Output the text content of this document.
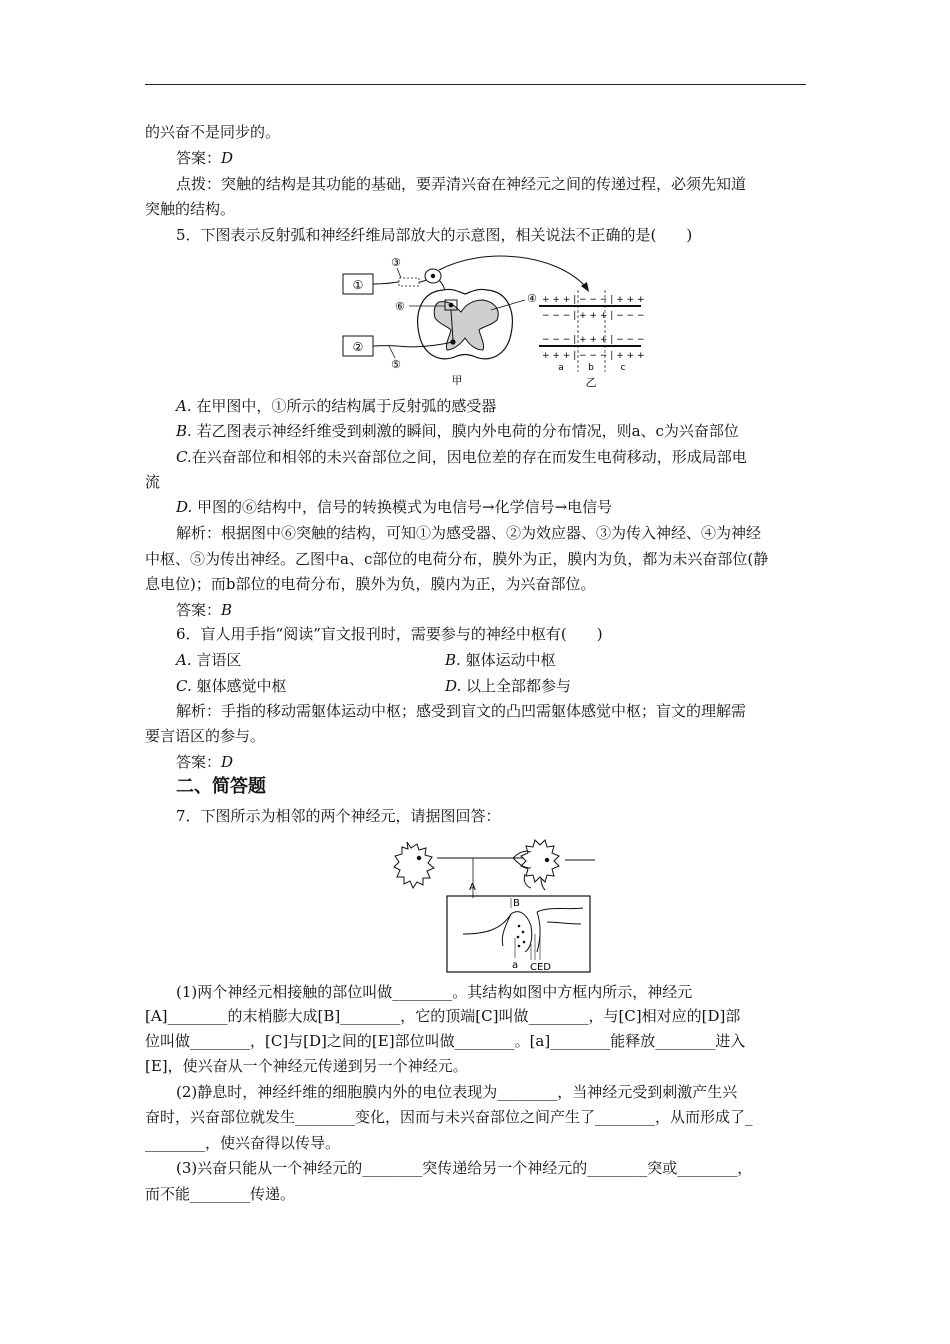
的兴奋不是同步的。
答案：D
点拨：突触的结构是其功能的基础，要弄清兴奋在神经元之间的传递过程，必须先知道
突触的结构。
5．下图表示反射弧和神经纤维局部放大的示意图，相关说法不正确的是(　　)
①
②
③
⑤
⑥
④
甲
+ + + | − − − | + + +
− − − | + + + | − − −
− − − | + + + | − − −
+ + + | − − − | + + +
a	b	c
乙
A. 在甲图中，①所示的结构属于反射弧的感受器
B. 若乙图表示神经纤维受到刺激的瞬间，膜内外电荷的分布情况，则a、c为兴奋部位
C.在兴奋部位和相邻的未兴奋部位之间，因电位差的存在而发生电荷移动，形成局部电
流
D. 甲图的⑥结构中，信号的转换模式为电信号→化学信号→电信号
解析：根据图中⑥突触的结构，可知①为感受器、②为效应器、③为传入神经、④为神经
中枢、⑤为传出神经。乙图中a、c部位的电荷分布，膜外为正，膜内为负，都为未兴奋部位(静
息电位)；而b部位的电荷分布，膜外为负，膜内为正，为兴奋部位。
答案：B
6．盲人用手指“阅读”盲文报刊时，需要参与的神经中枢有(　　)
A. 言语区	B. 躯体运动中枢
C. 躯体感觉中枢	D. 以上全部都参与
解析：手指的移动需躯体运动中枢；感受到盲文的凸凹需躯体感觉中枢；盲文的理解需
要言语区的参与。
答案：D
二、简答题
7．下图所示为相邻的两个神经元，请据图回答：
A
B
CED
a
(1)两个神经元相接触的部位叫做________。其结构如图中方框内所示，神经元
[A]________的末梢膨大成[B]________，它的顶端[C]叫做________，与[C]相对应的[D]部
位叫做________，[C]与[D]之间的[E]部位叫做________。[a]________能释放________进入
[E]，使兴奋从一个神经元传递到另一个神经元。
(2)静息时，神经纤维的细胞膜内外的电位表现为________，当神经元受到刺激产生兴
奋时，兴奋部位就发生________变化，因而与未兴奋部位之间产生了________，从而形成了_
________，使兴奋得以传导。
(3)兴奋只能从一个神经元的________突传递给另一个神经元的________突或________，
而不能________传递。
